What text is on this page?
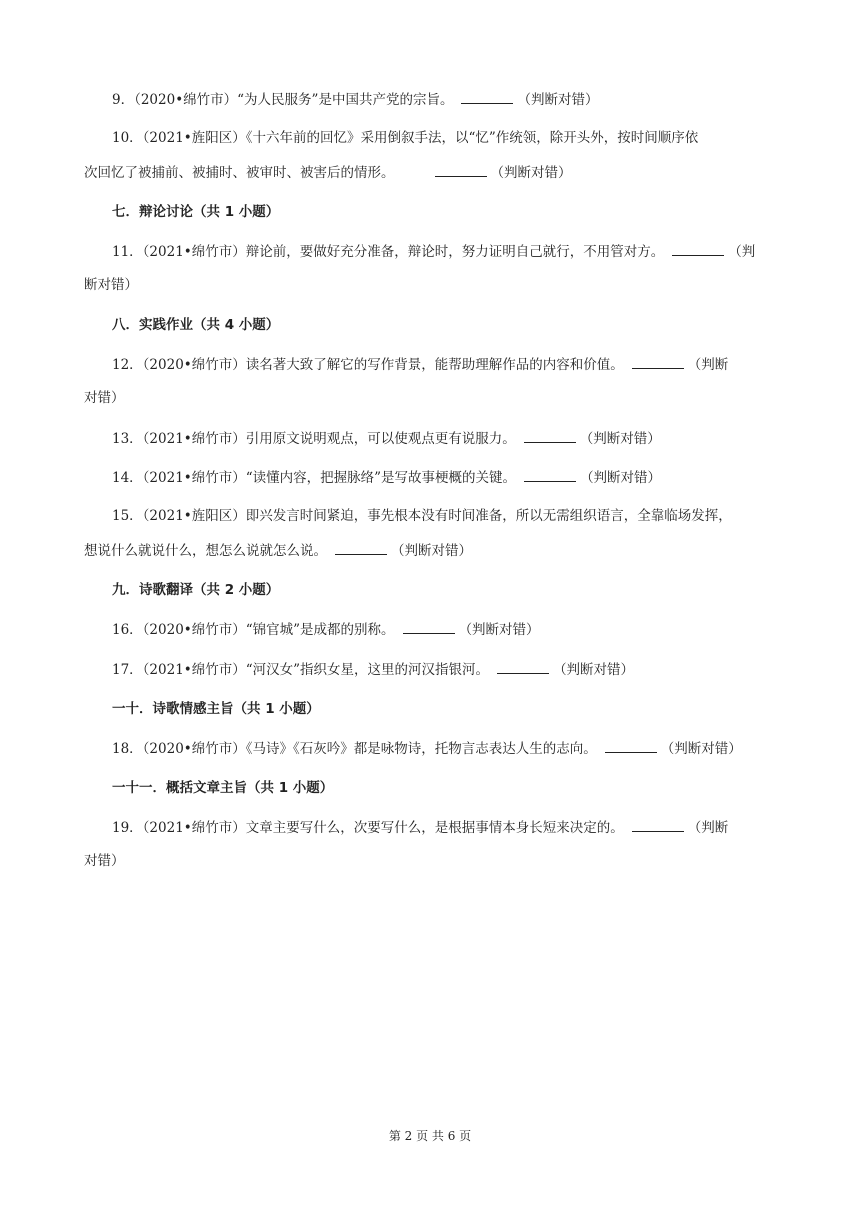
9．（2020•绵竹市）“为人民服务”是中国共产党的宗旨。	（判断对错）
10．（2021•旌阳区）《十六年前的回忆》采用倒叙手法，以“忆”作统领，除开头外，按时间顺序依
次回忆了被捕前、被捕时、被审时、被害后的情形。	（判断对错）
七．辩论讨论（共 1 小题）
11．（2021•绵竹市）辩论前，要做好充分准备，辩论时，努力证明自己就行，不用管对方。	（判
断对错）
八．实践作业（共 4 小题）
12．（2020•绵竹市）读名著大致了解它的写作背景，能帮助理解作品的内容和价值。	（判断
对错）
13．（2021•绵竹市）引用原文说明观点，可以使观点更有说服力。	（判断对错）
14．（2021•绵竹市）“读懂内容，把握脉络”是写故事梗概的关键。	（判断对错）
15．（2021•旌阳区）即兴发言时间紧迫，事先根本没有时间准备，所以无需组织语言，全靠临场发挥，
想说什么就说什么，想怎么说就怎么说。	（判断对错）
九．诗歌翻译（共 2 小题）
16．（2020•绵竹市）“锦官城”是成都的别称。	（判断对错）
17．（2021•绵竹市）“河汉女”指织女星，这里的河汉指银河。	（判断对错）
一十．诗歌情感主旨（共 1 小题）
18．（2020•绵竹市）《马诗》《石灰吟》都是咏物诗，托物言志表达人生的志向。	（判断对错）
一十一．概括文章主旨（共 1 小题）
19．（2021•绵竹市）文章主要写什么，次要写什么，是根据事情本身长短来决定的。	（判断
对错）
第 2 页 共 6 页
